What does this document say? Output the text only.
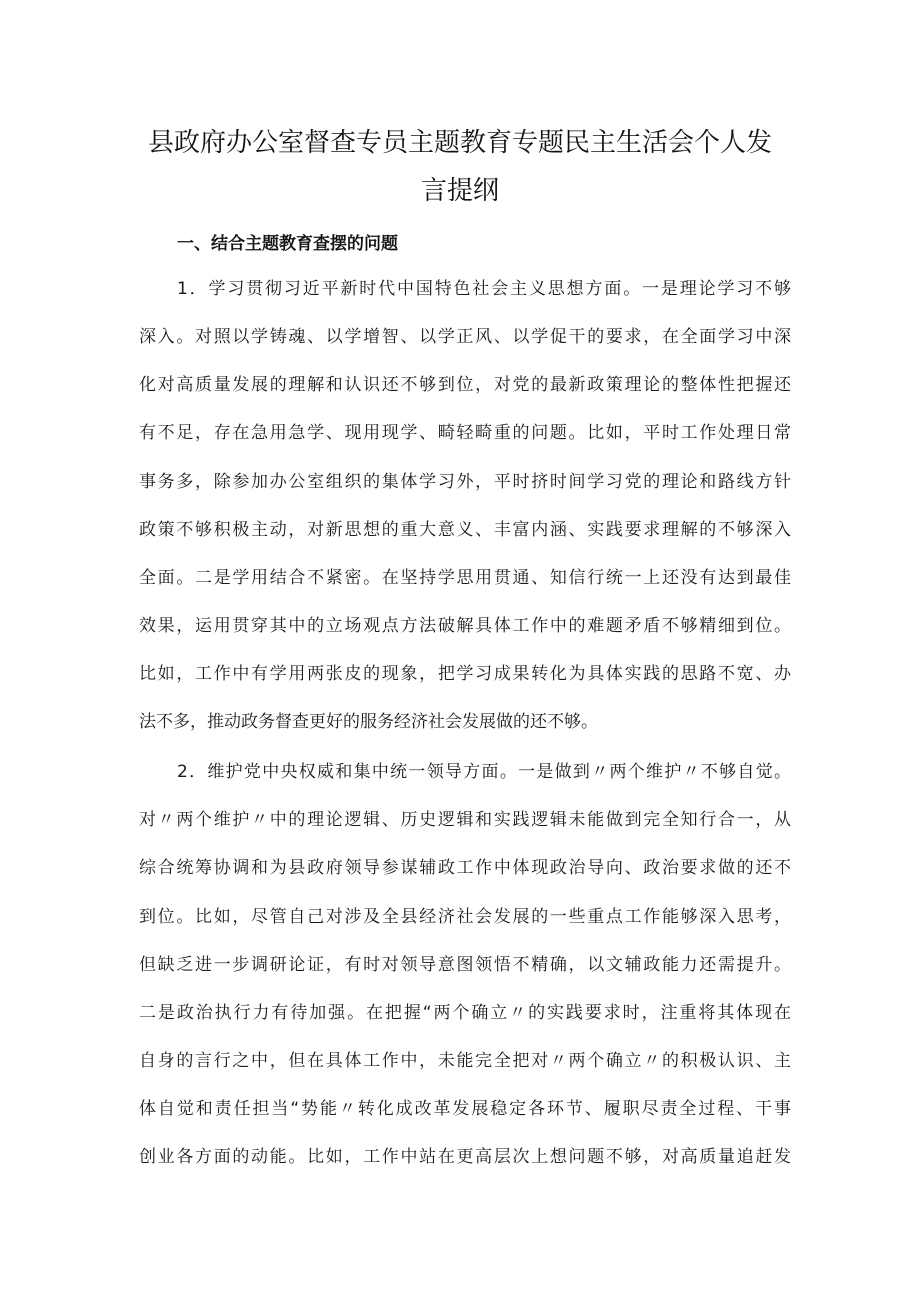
县政府办公室督查专员主题教育专题民主生活会个人发
言提纲
一、结合主题教育查摆的问题
1．学习贯彻习近平新时代中国特色社会主义思想方面。一是理论学习不够
深入。对照以学铸魂、以学增智、以学正风、以学促干的要求，在全面学习中深
化对高质量发展的理解和认识还不够到位，对党的最新政策理论的整体性把握还
有不足，存在急用急学、现用现学、畸轻畸重的问题。比如，平时工作处理日常
事务多，除参加办公室组织的集体学习外，平时挤时间学习党的理论和路线方针
政策不够积极主动，对新思想的重大意义、丰富内涵、实践要求理解的不够深入
全面。二是学用结合不紧密。在坚持学思用贯通、知信行统一上还没有达到最佳
效果，运用贯穿其中的立场观点方法破解具体工作中的难题矛盾不够精细到位。
比如，工作中有学用两张皮的现象，把学习成果转化为具体实践的思路不宽、办
法不多，推动政务督查更好的服务经济社会发展做的还不够。
2．维护党中央权威和集中统一领导方面。一是做到〃两个维护〃不够自觉。
对〃两个维护〃中的理论逻辑、历史逻辑和实践逻辑未能做到完全知行合一，从
综合统筹协调和为县政府领导参谋辅政工作中体现政治导向、政治要求做的还不
到位。比如，尽管自己对涉及全县经济社会发展的一些重点工作能够深入思考，
但缺乏进一步调研论证，有时对领导意图领悟不精确，以文辅政能力还需提升。
二是政治执行力有待加强。在把握“两个确立〃的实践要求时，注重将其体现在
自身的言行之中，但在具体工作中，未能完全把对〃两个确立〃的积极认识、主
体自觉和责任担当“势能〃转化成改革发展稳定各环节、履职尽责全过程、干事
创业各方面的动能。比如，工作中站在更高层次上想问题不够，对高质量追赶发
